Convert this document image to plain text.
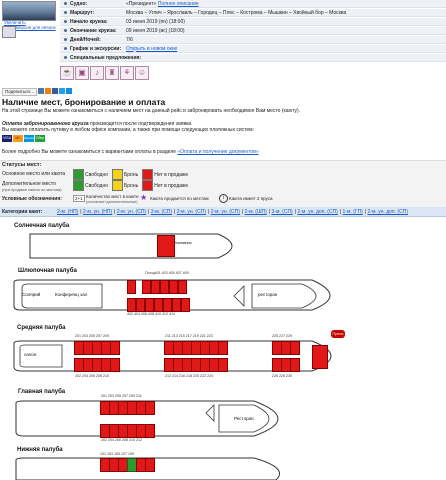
Увеличить
Версия для печати
Судно:	«Президент»
Полное описание
Маршрут:	Москва – Углич – Ярославль – Городец – Плес – Кострома – Мышкин – Хвойный бор – Москва
Начало круиза:	03 июня 2019 (пн) (18:00)
Окончание круиза:	09 июня 2019 (вс) (18:00)
Дней/Ночей:	7/6
График и экскурсии: Открыть в новом окне
Специальные предложения:
☕ ▣ ♪ ♜ ⚘ ☺
Поделиться…
Наличие мест, бронирование и оплата
На этой странице Вы можете ознакомиться с наличием мест на данный рейс и забронировать необходимое Вам место (каюту).
Оплата забронированного круиза производится после подтверждения заявки.
Вы можете оплатить путевку в любом офисе компании, а также при помощи следующих платежных систем:
VISA	MC	Maestro Сбер
Более подробно Вы можете ознакомиться с вариантами оплаты в разделе «Оплата и получение документов»
Статусы мест:
Основное место или каюта	Свободно	Бронь	Нет в продаже
Дополнительное место
(при продаже каюты по местам)
Свободно	Бронь	Нет в продаже
Условные обозначения:	2+1 Количество мест в каюте
(основные+дополнительные) ★ Каюта продается по местам	i	Каюта имеет 2 яруса
Категории кают:	2-м. (НП) | 2-м. ун. (НП) | 2-м. ун. (СП) | 2-м. (СП) | 2-м. ун. (СП) | 2-м. ун. (СП) | 2-м. (ШП) | 3-м. (СП) | 2-м. ун. доп. (СП) | 1-м. (ГП) | 2-м. ун. доп. (СП)
Солнечная палуба
Компания
Шлюпочная палуба	Площ401 403 405 407 409
Солярий	Конференц зал	ресторан
402 404 406 408 410 412 414
Средняя палуба
201 203 205 207 209	211 213 215 217 219 221 223	225 227 229
салон
Пресс
202 204 206 208 210	212 214 216 218 220 222 224	226 228 230
Главная палуба
201 203 205 207 209 211
Ресторан
202 204 206 208 210 212
Нижняя палуба
101 103 105 107 109
